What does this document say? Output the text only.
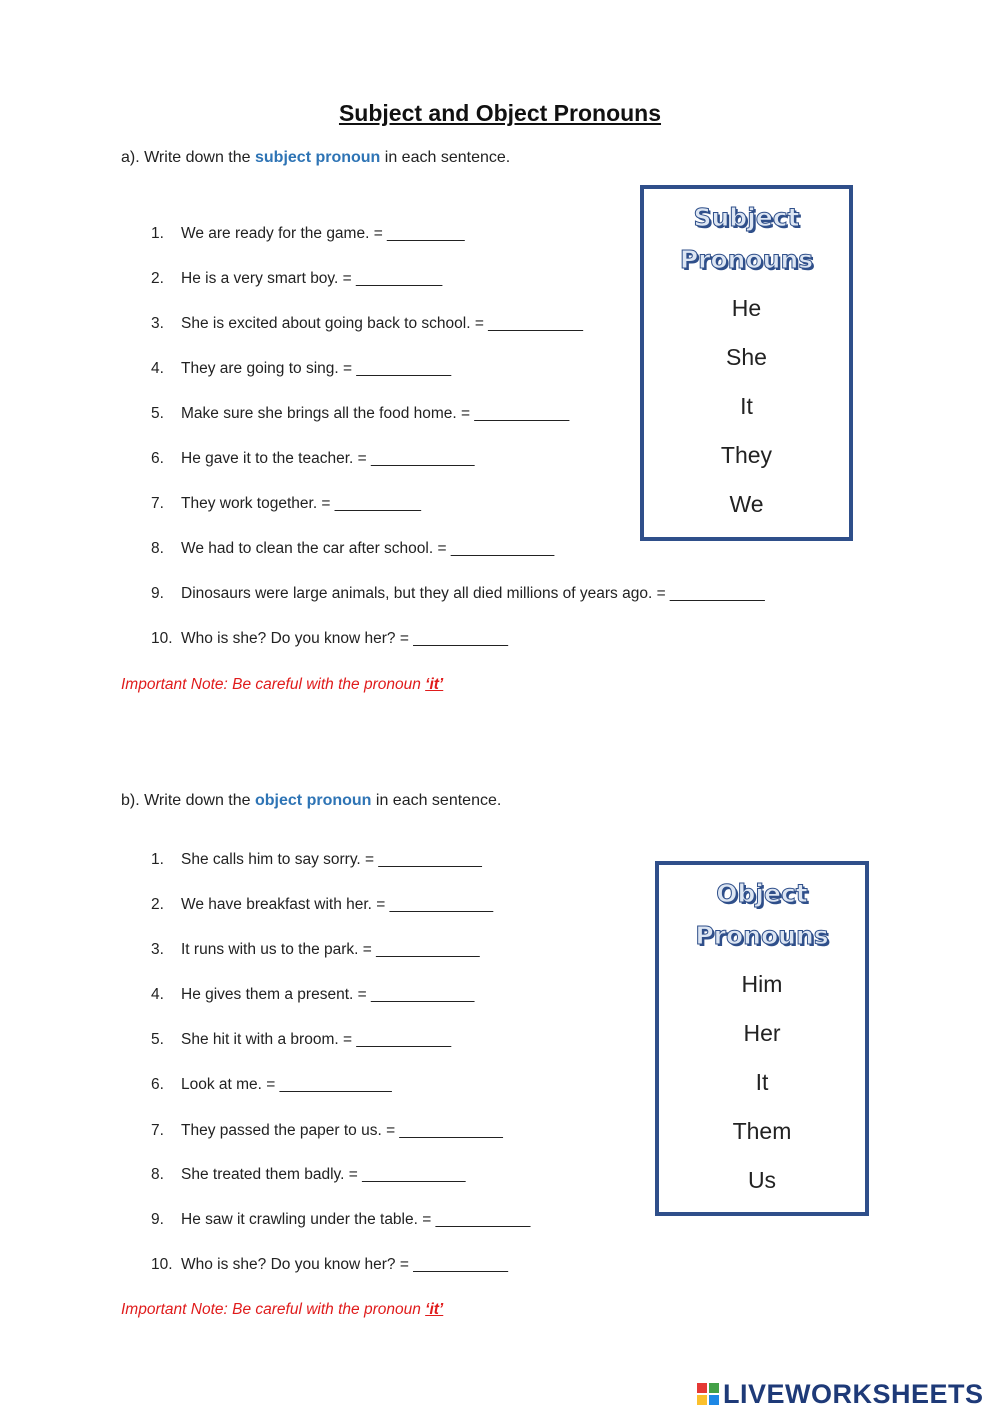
Subject and Object Pronouns
a). Write down the subject pronoun in each sentence.
1.	We are ready for the game. = _________
2.	He is a very smart boy. = __________
3.	She is excited about going back to school. = ___________
4.	They are going to sing. = ___________
5.	Make sure she brings all the food home. = ___________
6.	He gave it to the teacher. = ____________
7.	They work together. = __________
8.	We had to clean the car after school. = ____________
9.	Dinosaurs were large animals, but they all died millions of years ago. = ___________
10. Who is she? Do you know her? = ___________
Important Note: Be careful with the pronoun ‘it’
Subject
Pronouns
He
She
It
They
We
b). Write down the object pronoun in each sentence.
1.	She calls him to say sorry. = ____________
2.	We have breakfast with her. = ____________
3.	It runs with us to the park. = ____________
4.	He gives them a present. = ____________
5.	She hit it with a broom. = ___________
6.	Look at me. = _____________
7.	They passed the paper to us. = ____________
8.	She treated them badly. = ____________
9.	He saw it crawling under the table. = ___________
10. Who is she? Do you know her? = ___________
Important Note: Be careful with the pronoun ‘it’
Object
Pronouns
Him
Her
It
Them
Us
LIVEWORKSHEETS
